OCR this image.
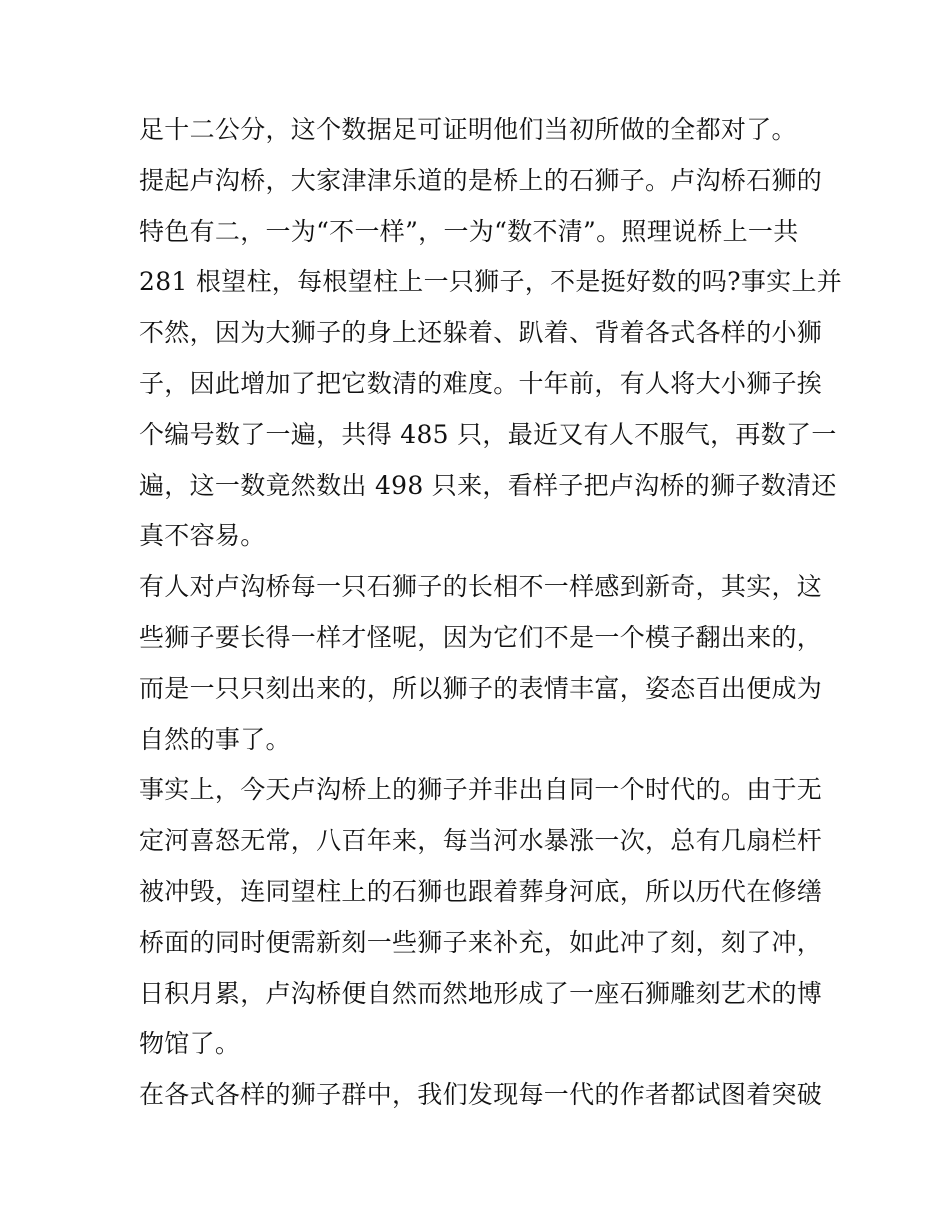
足十二公分，这个数据足可证明他们当初所做的全都对了。
提起卢沟桥，大家津津乐道的是桥上的石狮子。卢沟桥石狮的
特色有二，一为“不一样”，一为“数不清”。照理说桥上一共
281 根望柱，每根望柱上一只狮子，不是挺好数的吗?事实上并
不然，因为大狮子的身上还躲着、趴着、背着各式各样的小狮
子，因此增加了把它数清的难度。十年前，有人将大小狮子挨
个编号数了一遍，共得 485 只，最近又有人不服气，再数了一
遍，这一数竟然数出 498 只来，看样子把卢沟桥的狮子数清还
真不容易。
有人对卢沟桥每一只石狮子的长相不一样感到新奇，其实，这
些狮子要长得一样才怪呢，因为它们不是一个模子翻出来的，
而是一只只刻出来的，所以狮子的表情丰富，姿态百出便成为
自然的事了。
事实上，今天卢沟桥上的狮子并非出自同一个时代的。由于无
定河喜怒无常，八百年来，每当河水暴涨一次，总有几扇栏杆
被冲毁，连同望柱上的石狮也跟着葬身河底，所以历代在修缮
桥面的同时便需新刻一些狮子来补充，如此冲了刻，刻了冲，
日积月累，卢沟桥便自然而然地形成了一座石狮雕刻艺术的博
物馆了。
在各式各样的狮子群中，我们发现每一代的作者都试图着突破
